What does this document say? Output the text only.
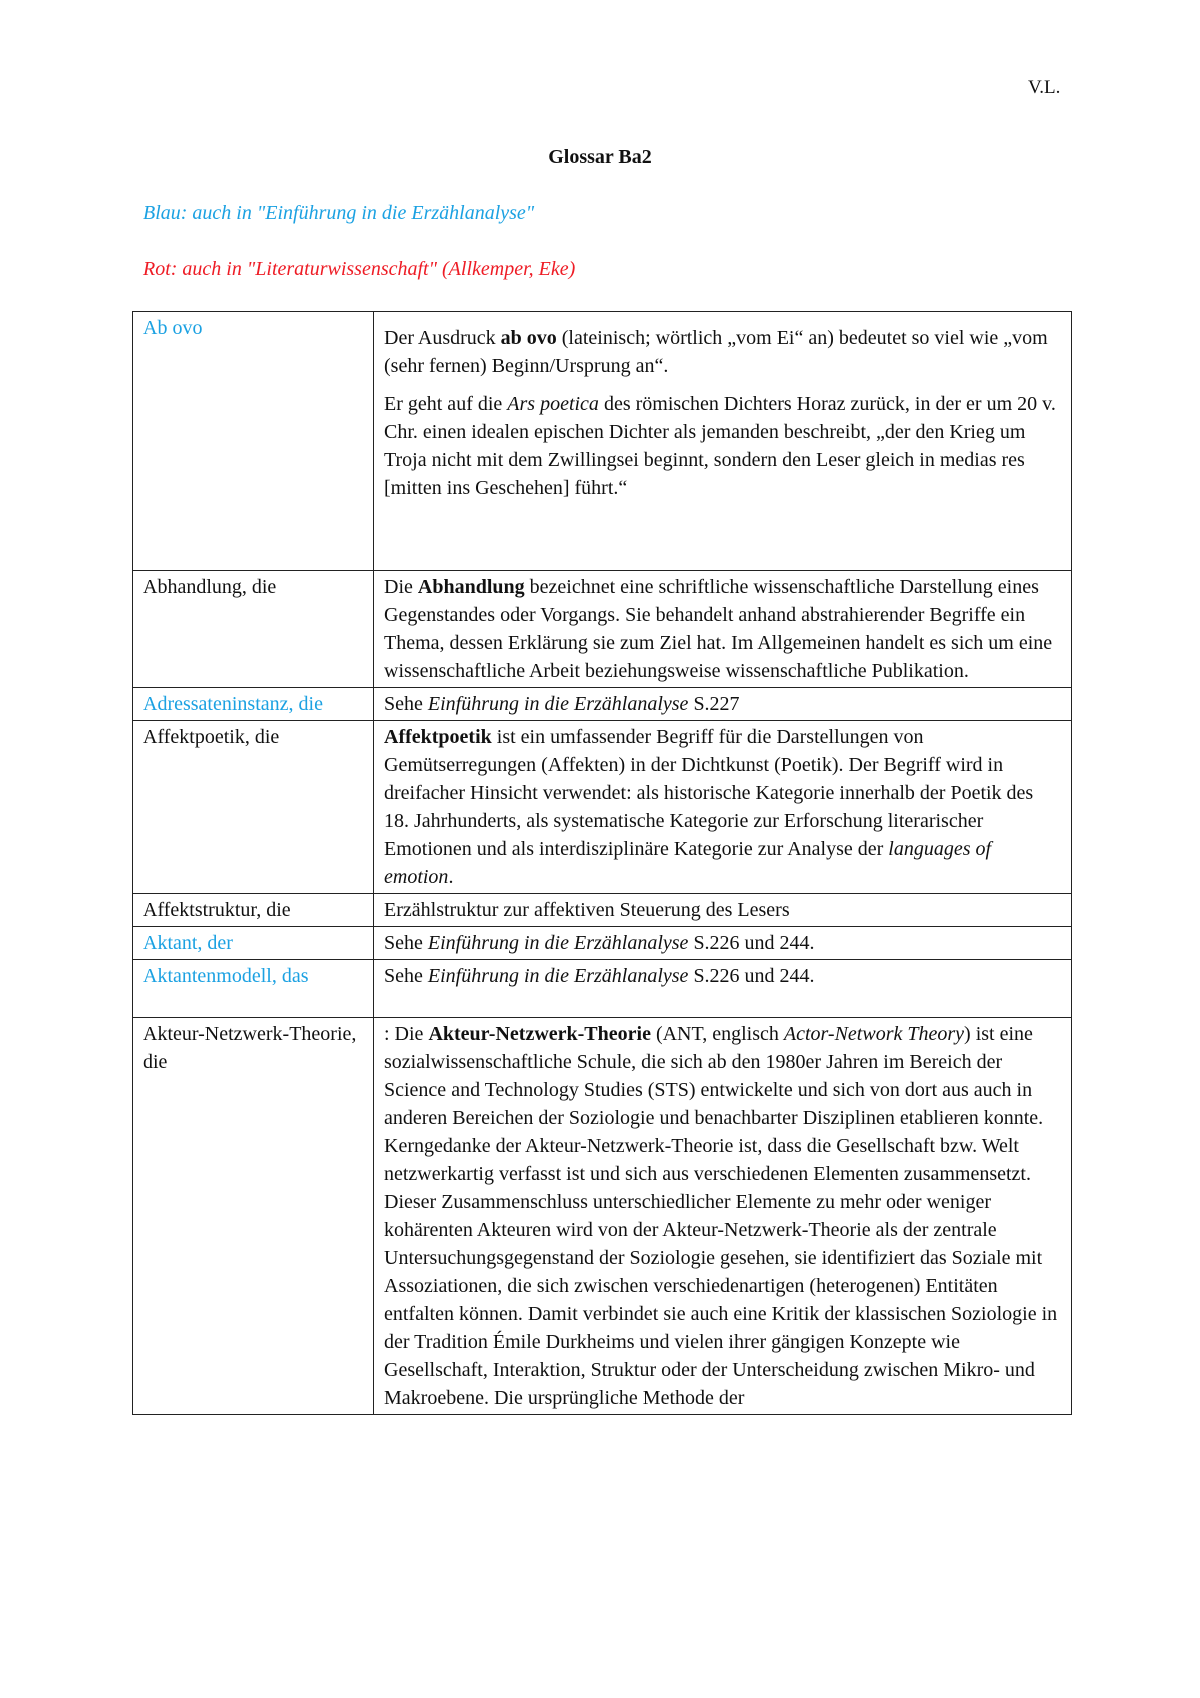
V.L.
Glossar Ba2
Blau: auch in "Einführung in die Erzählanalyse"
Rot: auch in "Literaturwissenschaft" (Allkemper, Eke)
Ab ovo	Der Ausdruck ab ovo (lateinisch; wörtlich „vom Ei“ an) bedeutet so viel wie „vom (sehr fernen) Beginn/Ursprung an“.

Er geht auf die Ars poetica des römischen Dichters Horaz zurück, in der er um 20 v. Chr. einen idealen epischen Dichter als jemanden beschreibt, „der den Krieg um Troja nicht mit dem Zwillingsei beginnt, sondern den Leser gleich in medias res [mitten ins Geschehen] führt.“

Abhandlung, die	Die Abhandlung bezeichnet eine schriftliche wissenschaftliche Darstellung eines Gegenstandes oder Vorgangs. Sie behandelt anhand abstrahierender Begriffe ein Thema, dessen Erklärung sie zum Ziel hat. Im Allgemeinen handelt es sich um eine wissenschaftliche Arbeit beziehungsweise wissenschaftliche Publikation.
Adressateninstanz, die	Sehe Einführung in die Erzählanalyse S.227
Affektpoetik, die	Affektpoetik ist ein umfassender Begriff für die Darstellungen von Gemütserregungen (Affekten) in der Dichtkunst (Poetik). Der Begriff wird in dreifacher Hinsicht verwendet: als historische Kategorie innerhalb der Poetik des 18. Jahrhunderts, als systematische Kategorie zur Erforschung literarischer Emotionen und als interdisziplinäre Kategorie zur Analyse der languages of emotion.
Affektstruktur, die	Erzählstruktur zur affektiven Steuerung des Lesers
Aktant, der	Sehe Einführung in die Erzählanalyse S.226 und 244.
Aktantenmodell, das	Sehe Einführung in die Erzählanalyse S.226 und 244.
Akteur-Netzwerk-Theorie, die	: Die Akteur-Netzwerk-Theorie (ANT, englisch Actor-Network Theory) ist eine sozialwissenschaftliche Schule, die sich ab den 1980er Jahren im Bereich der Science and Technology Studies (STS) entwickelte und sich von dort aus auch in anderen Bereichen der Soziologie und benachbarter Disziplinen etablieren konnte. Kerngedanke der Akteur-Netzwerk-Theorie ist, dass die Gesellschaft bzw. Welt netzwerkartig verfasst ist und sich aus verschiedenen Elementen zusammensetzt. Dieser Zusammenschluss unterschiedlicher Elemente zu mehr oder weniger kohärenten Akteuren wird von der Akteur-Netzwerk-Theorie als der zentrale Untersuchungsgegenstand der Soziologie gesehen, sie identifiziert das Soziale mit Assoziationen, die sich zwischen verschiedenartigen (heterogenen) Entitäten entfalten können. Damit verbindet sie auch eine Kritik der klassischen Soziologie in der Tradition Émile Durkheims und vielen ihrer gängigen Konzepte wie Gesellschaft, Interaktion, Struktur oder der Unterscheidung zwischen Mikro- und Makroebene. Die ursprüngliche Methode der
